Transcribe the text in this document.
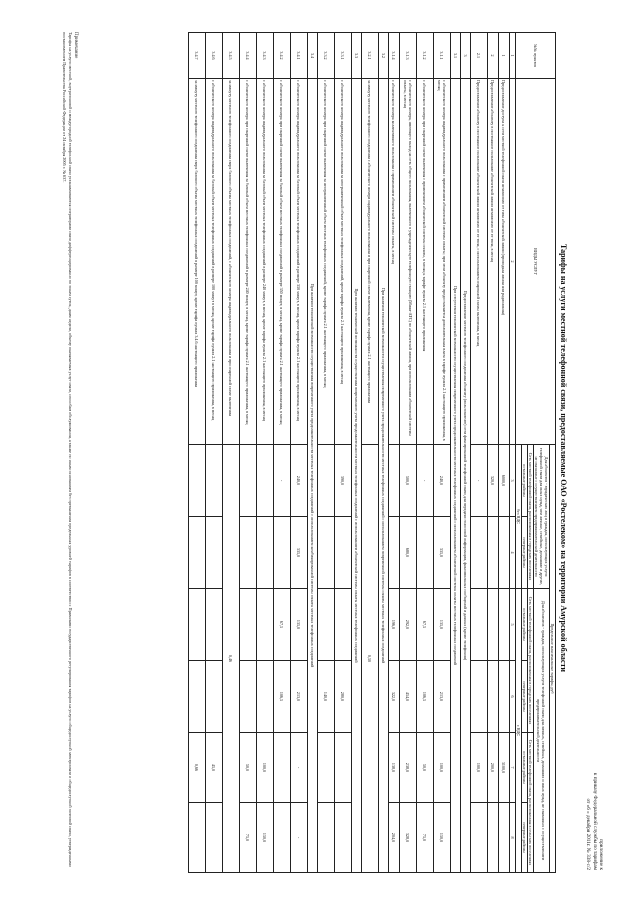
приложение к
к приказу Федеральной службы по тарифам
от «6 » декабря 2011г. № 338-с/2
Тарифы на услуги местной телефонной связи, предоставляемые ОАО «Ростелеком» на территории Амурской области
№№ пунктов	ВИДЫ УСЛУГ	Предельные максимальные тарифы, руб					
		Для абонентов - юридических лиц и граждан, использующих услуги телефонной связи для иных нужд, чем личные, семейные, домашние и другие, не связанные с осуществлением предпринимательской деятельности		Для абонентов - граждан, использующих услуги телефонной связи для личных, семейных, домашних и иных нужд, не связанных с осуществлением предпринимательской деятельности			
		Сеть местной телефонной связи, расположенная в городских поселениях		Сеть местной телефонной связи, расположенная в городских поселениях		Сеть местной телефонной связи, расположенная в сельских поселениях	
		остальные районы	северные районы	остальные районы	северные районы	остальные районы	северные районы
		без НДС		с НДС			
1	2	3	4	5	6	7	8
1	Предоставление доступа к сети местной телефонной связи независимо от типа абонентской линии (проводная линия или радиолиния)	6000,0				3100,0	
2	Предоставление абоненту в постоянное пользование абонентской линии независимо от ее типа, в месяц	320,0				200,0	
2.1	Предоставление абоненту в постоянное пользование абонентской линии независимо от ее типа, с использованием спаренной схемы включения, в месяц	-				100,0	
3	Предоставление местного телефонного соединения абоненту (пользователю) сети фиксированной телефонной связи для передачи голосовой информации, факсимильных сообщений и данных (кроме телефонии)						
3.1	При отсутствии технической возможности осуществления повременного учета продолжительности местных телефонных соединений с использованием абонентской системы оплаты местных телефонных соединений						
3.1.1	с абонентского номера индивидуального пользования с применением абонентской системы оплаты; при этом абоненту предоставляется дополнительная плата в тарифе пункта 2.1 настоящего приложения, в месяц	240,0	335,0	135,0	213,0	100,0	150,0
3.1.2	с абонентского номера при спаренной схеме включения с применением абонентской системы оплаты, в месяц к тарифе пункта 2.1 настоящего приложения	-		67,5	106,5	50,0	75,0
3.1.3	с абонентского номера, имеющего выход на сеть общего пользования, включенного в учрежденческую телефонную станцию (Мини-АТС) по абонентской линии, при использовании абонентской системы оплаты, в месяц	500,0	680,0	292,0	454,0	238,0	328,0
3.1.4	с абонентского номера коллективного пользования с применением абонентской системы оплаты, в месяц			196,0	322,0	138,0	204,0
3.2	При наличии технической возможности осуществления повременного учета продолжительности местных телефонных соединений с использованием повременной системы оплаты местных телефонных соединений						
3.2.1	за минуту местного телефонного соединения с абонентского номера индивидуального пользования и при спаренной схеме включения, кроме тарифа пункта 2.1 настоящего приложения	0,50					
3.3	При наличии технической возможности осуществления повременного учета продолжительности местных телефонных соединений с использованием абонентской системы оплаты местных телефонных соединений						
3.3.1	с абонентского номера индивидуального пользования за неограниченный объем местных телефонных соединений, кроме тарифа пункта 2.1 настоящего приложения, в месяц	390,0			280,0		
3.3.2	с абонентского номера при спаренной схеме включения за неограниченный объем местных телефонных соединений, кроме тарифа пункта 2.1 настоящего приложения, в месяц				140,0		
3.4	При наличии технической возможности осуществления повременного учета продолжительности местных телефонных соединений с использованием комбинированной системы оплаты местных телефонных соединений						
3.4.1	с абонентского номера индивидуального пользования за базовый объем местных телефонных соединений в размере 350 минут, в месяц, кроме тарифа пункта 2.1 настоящего приложения, в месяц	240,0	335,0	135,0	213,0	-	-
3.4.2	с абонентского номера при спаренной схеме включения за базовый объем местных телефонных соединений в размере 350 минут, в месяц, кроме тарифа пункта 2.1 настоящего приложения, в месяц	-		67,5	106,5		
3.4.3	с абонентского номера индивидуального пользования за базовый объем местных телефонных соединений в размере 240 минут, в месяц, кроме тарифа пункта 2.1 настоящего приложения, в месяц					100,0	150,0
3.4.4	с абонентского номера при спаренной схеме включения за базовый объем местных телефонных соединений в размере 240 минут, в месяц, кроме тарифа пункта 2.1 настоящего приложения, в месяц					50,0	75,0
3.4.5	за минуту местного телефонного соединения сверх базового объема местных телефонных соединений, с абонентского номера индивидуального пользования и при спаренной схеме включения	0,46					
3.4.6	с абонентского номера индивидуального пользования за базовый объем местных телефонных соединений в размере 100 минут в месяц, кроме тарифа пункта 2.1 настоящего приложения, в месяц					45,0	
3.4.7	за минуту местного телефонного соединения сверх базового объема местных телефонных соединений в размере 100 минут, кроме тарифа пункта 3.4.6 настоящего приложения					0,66	
Примечание
Тарифы на услуги местной, внутризоновой и междугородной телефонной связи устанавливаются операторами связи дифференцированно по зонам суток, дням недели, объему оказываемых услуг связи, способам обслуживания, а также по иным основаниям без превышения предельных уровней тарифов в соответствии с Правилами государственного регулирования тарифов на услуги общедоступной электросвязи и общедоступной почтовой связи, утвержденными постановлением Правительства Российской Федерации от 24 октября 2005 г. № 637.
